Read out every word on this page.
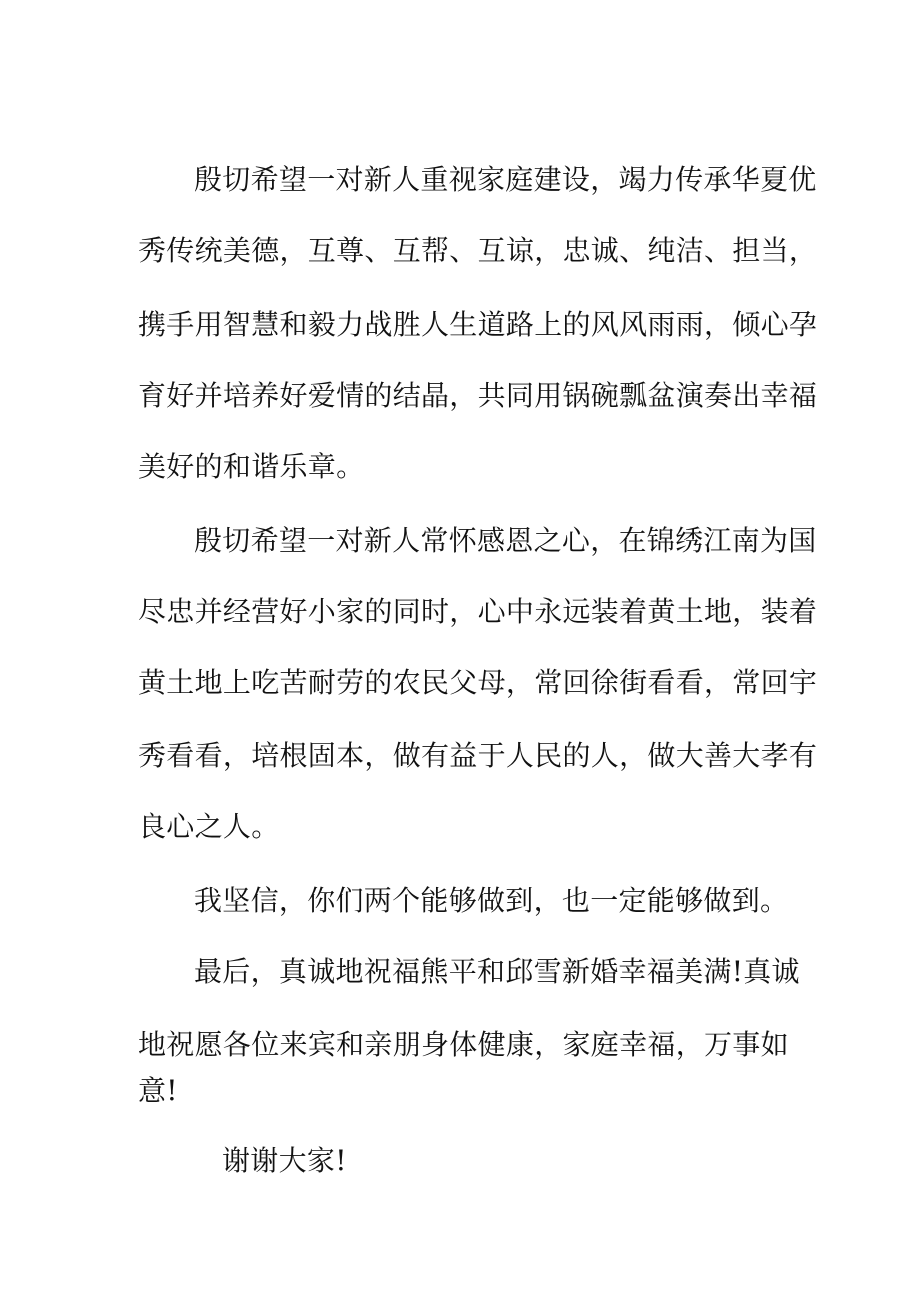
殷切希望一对新人重视家庭建设，竭力传承华夏优
秀传统美德，互尊、互帮、互谅，忠诚、纯洁、担当，
携手用智慧和毅力战胜人生道路上的风风雨雨，倾心孕
育好并培养好爱情的结晶，共同用锅碗瓢盆演奏出幸福
美好的和谐乐章。
殷切希望一对新人常怀感恩之心，在锦绣江南为国
尽忠并经营好小家的同时，心中永远装着黄土地，装着
黄土地上吃苦耐劳的农民父母，常回徐街看看，常回宇
秀看看，培根固本，做有益于人民的人，做大善大孝有
良心之人。
我坚信，你们两个能够做到，也一定能够做到。
最后，真诚地祝福熊平和邱雪新婚幸福美满!真诚
地祝愿各位来宾和亲朋身体健康，家庭幸福，万事如
意!
谢谢大家!
